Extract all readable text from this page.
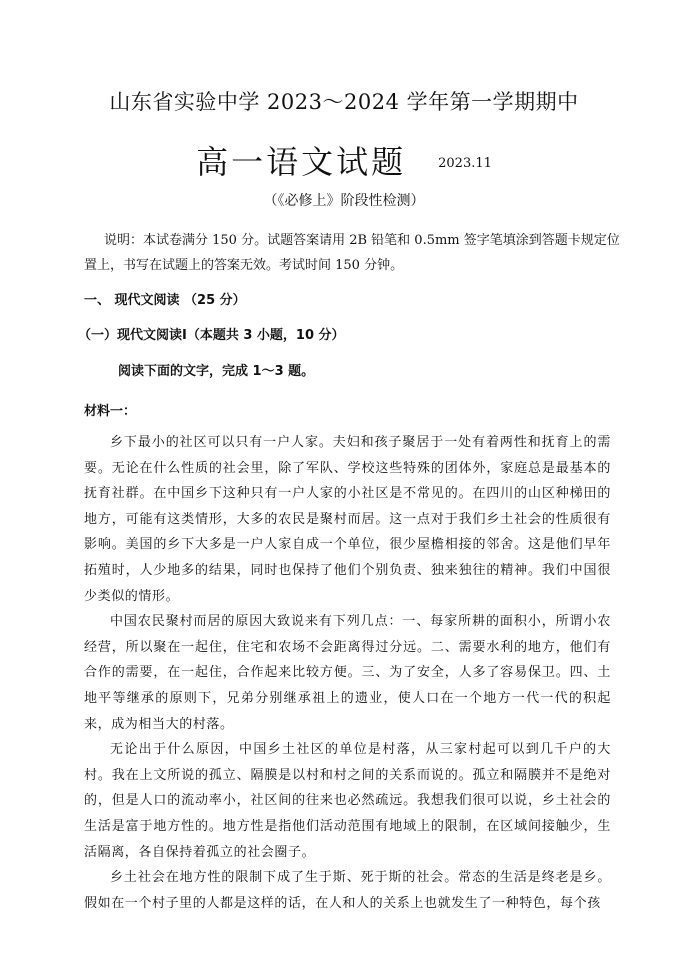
山东省实验中学 2023～2024 学年第一学期期中
高一语文试题 $^{2023.11}$
（《必修上》阶段性检测）
说明：本试卷满分 150 分。试题答案请用 2B 铅笔和 0.5mm 签字笔填涂到答题卡规定位置上，书写在试题上的答案无效。考试时间 150 分钟。
一、 现代文阅读 （25 分）
（一）现代文阅读Ⅰ（本题共 3 小题，10 分）
阅读下面的文字，完成 1～3 题。
材料一：

乡下最小的社区可以只有一户人家。夫妇和孩子聚居于一处有着两性和抚育上的需要。无论在什么性质的社会里，除了军队、学校这些特殊的团体外，家庭总是最基本的抚育社群。在中国乡下这种只有一户人家的小社区是不常见的。在四川的山区种梯田的地方，可能有这类情形，大多的农民是聚村而居。这一点对于我们乡土社会的性质很有影响。美国的乡下大多是一户人家自成一个单位，很少屋檐相接的邻舍。这是他们早年拓殖时，人少地多的结果，同时也保持了他们个别负责、独来独往的精神。我们中国很少类似的情形。

中国农民聚村而居的原因大致说来有下列几点：一、每家所耕的面积小，所谓小农经营，所以聚在一起住，住宅和农场不会距离得过分远。二、需要水利的地方，他们有合作的需要，在一起住，合作起来比较方便。三、为了安全，人多了容易保卫。四、土地平等继承的原则下，兄弟分别继承祖上的遗业，使人口在一个地方一代一代的积起来，成为相当大的村落。

无论出于什么原因，中国乡土社区的单位是村落，从三家村起可以到几千户的大村。我在上文所说的孤立、隔膜是以村和村之间的关系而说的。孤立和隔膜并不是绝对的，但是人口的流动率小，社区间的往来也必然疏远。我想我们很可以说，乡土社会的生活是富于地方性的。地方性是指他们活动范围有地域上的限制，在区域间接触少，生活隔离，各自保持着孤立的社会圈子。

乡土社会在地方性的限制下成了生于斯、死于斯的社会。常态的生活是终老是乡。假如在一个村子里的人都是这样的话，在人和人的关系上也就发生了一种特色，每个孩
